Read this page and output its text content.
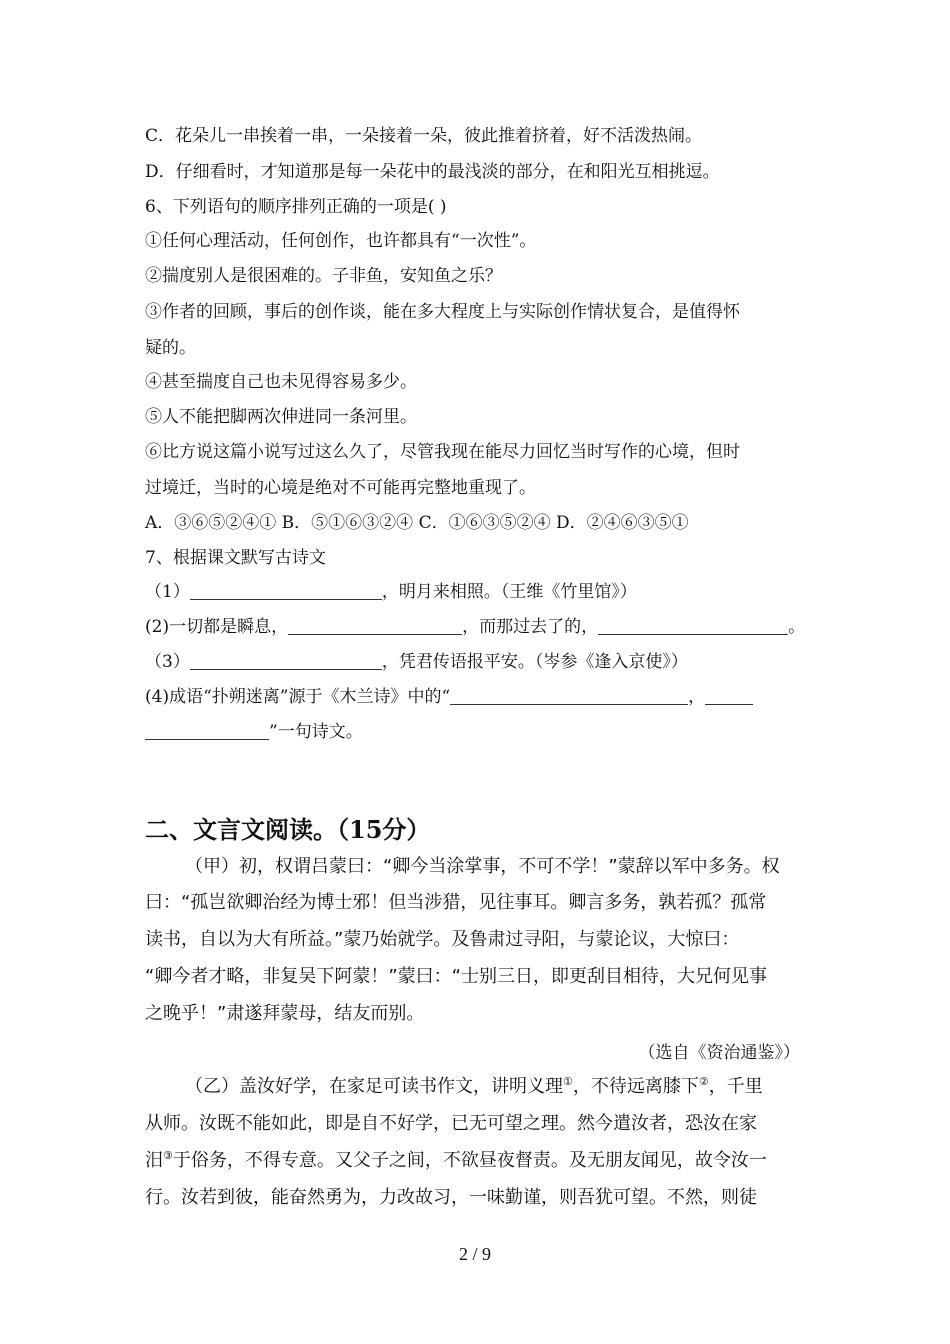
C．花朵儿一串挨着一串，一朵接着一朵，彼此推着挤着，好不活泼热闹。
D．仔细看时，才知道那是每一朵花中的最浅淡的部分，在和阳光互相挑逗。
6、下列语句的顺序排列正确的一项是( )
①任何心理活动，任何创作，也许都具有“一次性”。
②揣度别人是很困难的。子非鱼，安知鱼之乐？
③作者的回顾，事后的创作谈，能在多大程度上与实际创作情状复合，是值得怀
疑的。
④甚至揣度自己也未见得容易多少。
⑤人不能把脚两次伸进同一条河里。
⑥比方说这篇小说写过这么久了，尽管我现在能尽力回忆当时写作的心境，但时
过境迁，当时的心境是绝对不可能再完整地重现了。
A．③⑥⑤②④① B．⑤①⑥③②④ C．①⑥③⑤②④ D．②④⑥③⑤①
7、根据课文默写古诗文
（1）	，明月来相照。（王维《竹里馆》）
(2)一切都是瞬息，	，而那过去了的，	。
（3）	，凭君传语报平安。（岑参《逢入京使》）
(4)成语“扑朔迷离”源于《木兰诗》中的“	，
”一句诗文。
二、文言文阅读。（15分）
（甲）初，权谓吕蒙曰：“卿今当涂掌事，不可不学！”蒙辞以军中多务。权
曰：“孤岂欲卿治经为博士邪！但当涉猎，见往事耳。卿言多务，孰若孤？孤常
读书，自以为大有所益。”蒙乃始就学。及鲁肃过寻阳，与蒙论议，大惊曰：
“卿今者才略，非复吴下阿蒙！”蒙曰：“士别三日，即更刮目相待，大兄何见事
之晚乎！”肃遂拜蒙母，结友而别。
（选自《资治通鉴》）
（乙）盖汝好学，在家足可读书作文，讲明义理①，不待远离膝下②，千里
从师。汝既不能如此，即是自不好学，已无可望之理。然今遣汝者，恐汝在家
汨③于俗务，不得专意。又父子之间，不欲昼夜督责。及无朋友闻见，故令汝一
行。汝若到彼，能奋然勇为，力改故习，一味勤谨，则吾犹可望。不然，则徒
2 / 9
